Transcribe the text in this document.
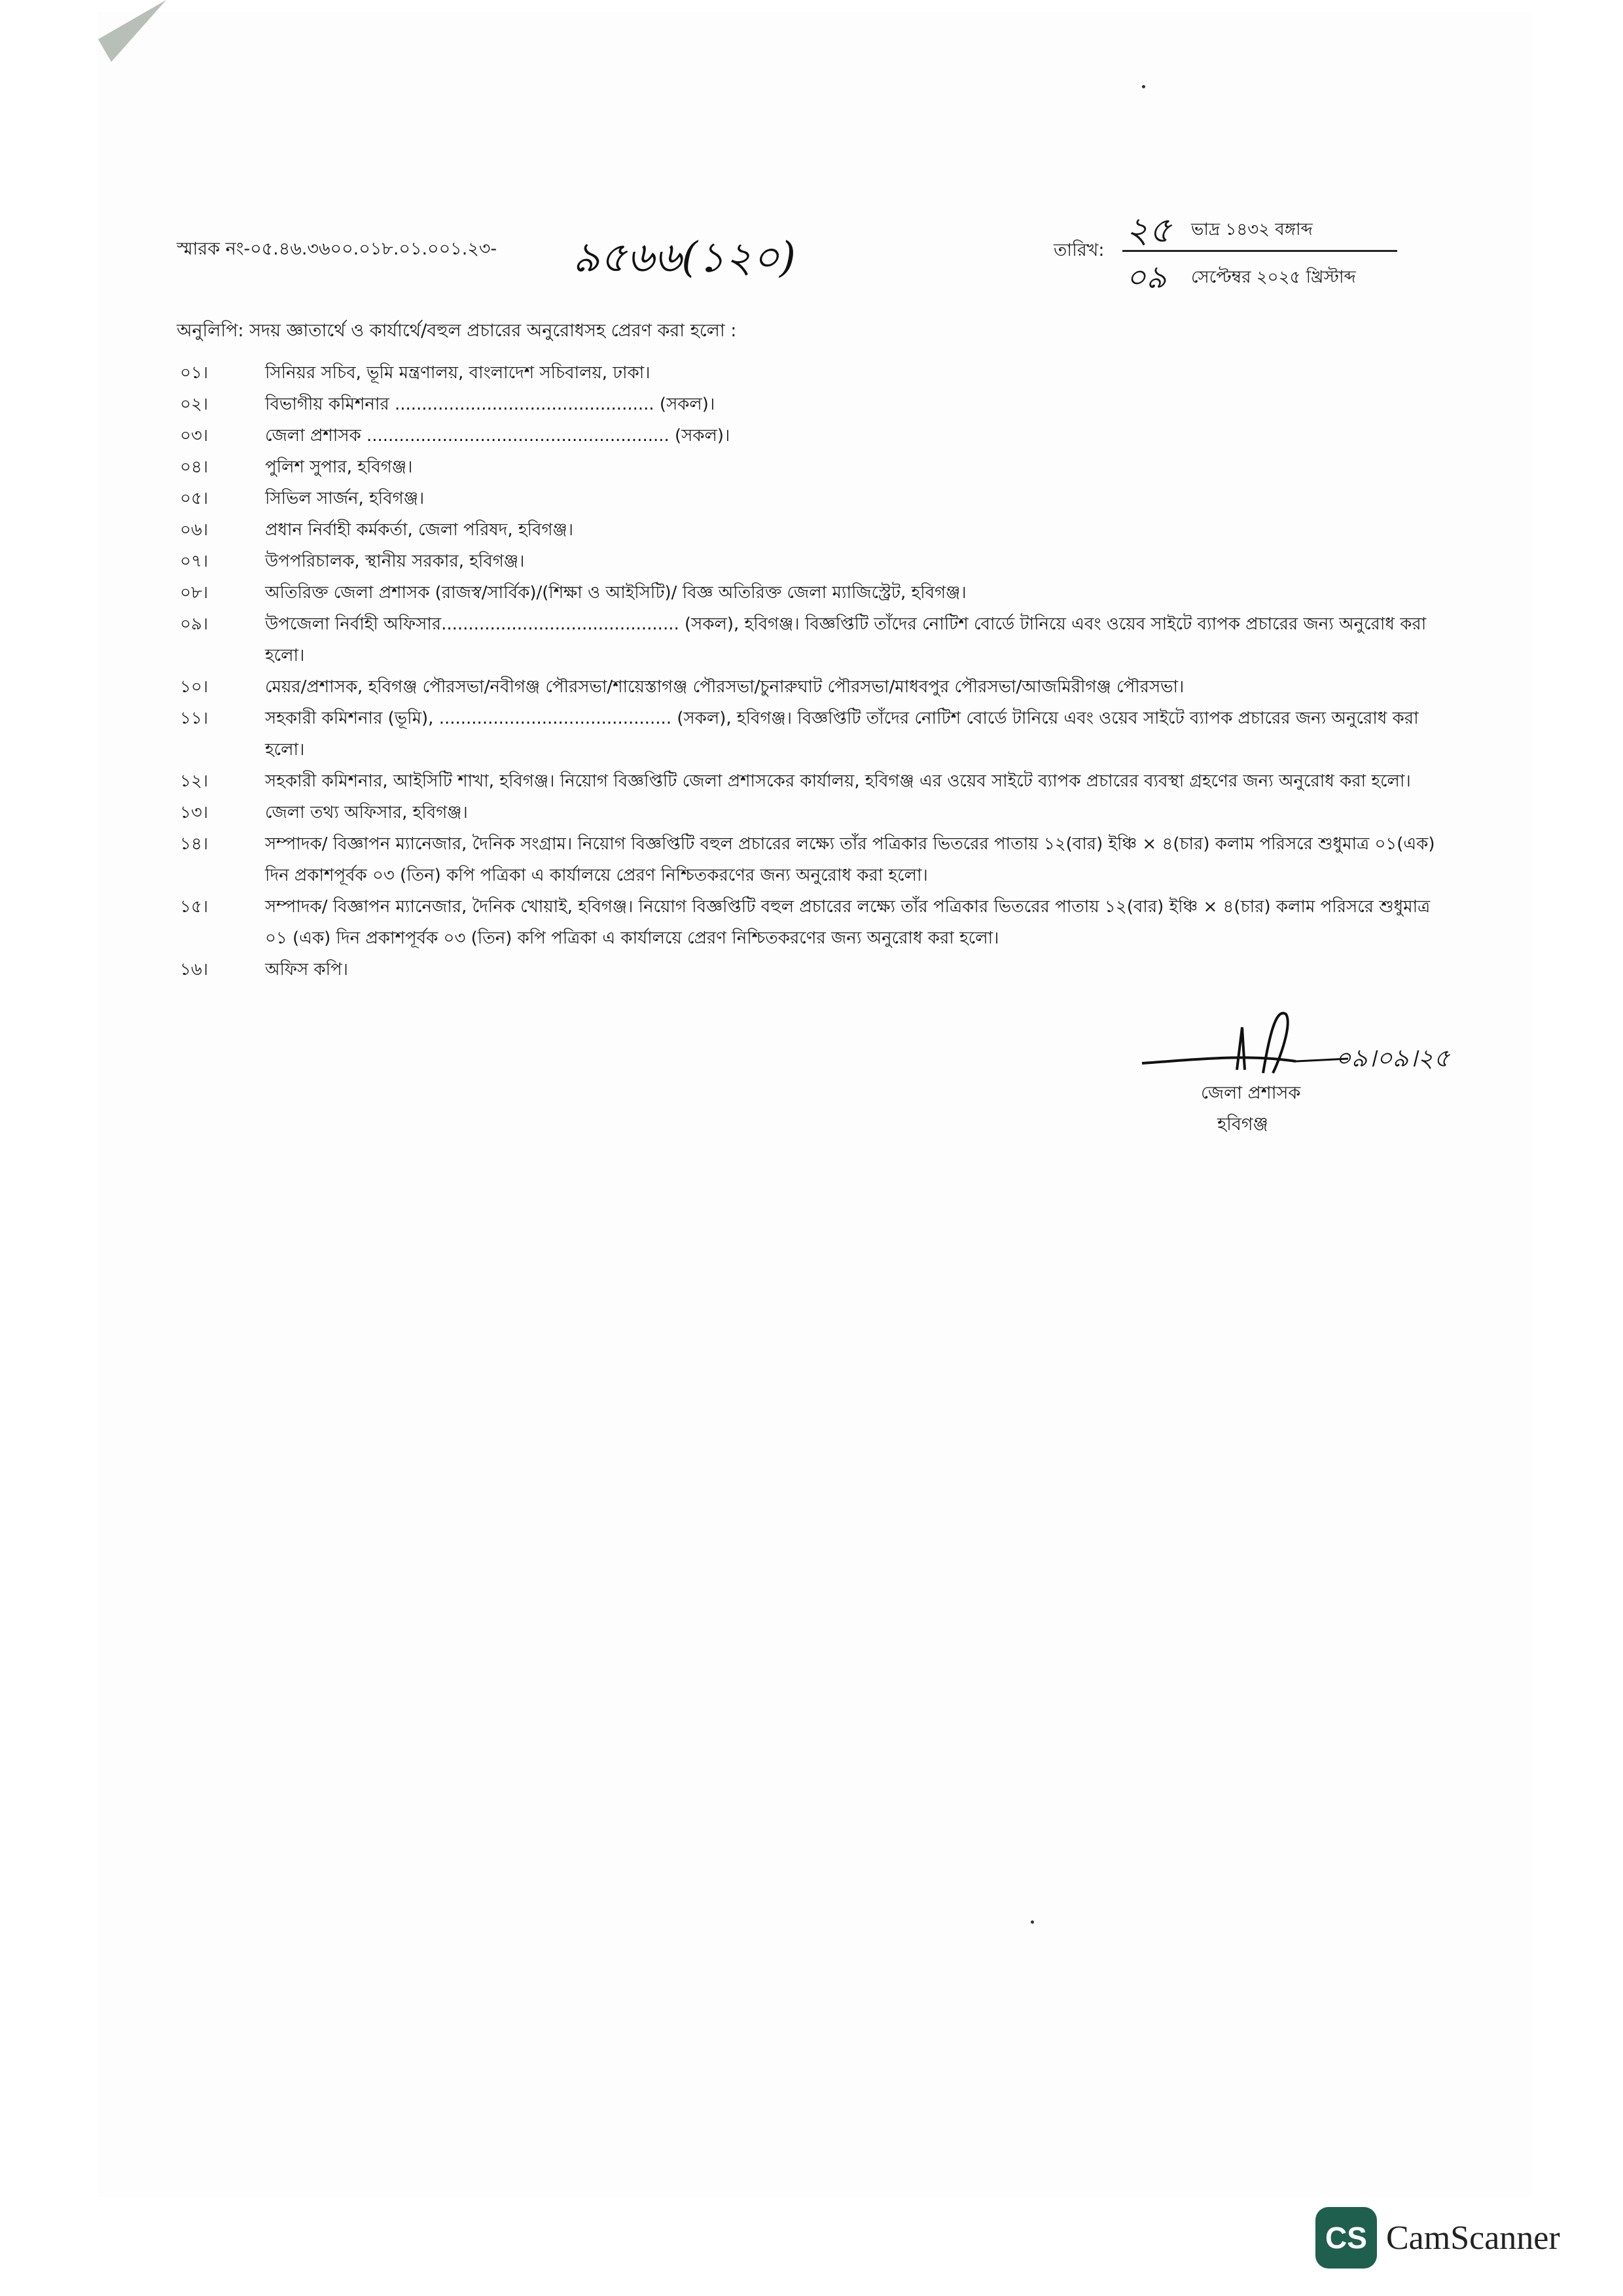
স্মারক নং-০৫.৪৬.৩৬০০.০১৮.০১.০০১.২৩- ৯৫৬৬(১২০)	তারিখ: ২৫ ভাদ্র ১৪৩২ বঙ্গাব্দ
০৯ সেপ্টেম্বর ২০২৫ খ্রিস্টাব্দ
অনুলিপি: সদয় জ্ঞাতার্থে ও কার্যার্থে/বহুল প্রচারের অনুরোধসহ প্রেরণ করা হলো :
০১।	সিনিয়র সচিব, ভূমি মন্ত্রণালয়, বাংলাদেশ সচিবালয়, ঢাকা।
০২।	বিভাগীয় কমিশনার ................................................ (সকল)।
০৩।	জেলা প্রশাসক ........................................................ (সকল)।
০৪।	পুলিশ সুপার, হবিগঞ্জ।
০৫।	সিভিল সার্জন, হবিগঞ্জ।
০৬।	প্রধান নির্বাহী কর্মকর্তা, জেলা পরিষদ, হবিগঞ্জ।
০৭।	উপপরিচালক, স্থানীয় সরকার, হবিগঞ্জ।
০৮।	অতিরিক্ত জেলা প্রশাসক (রাজস্ব/সার্বিক)/(শিক্ষা ও আইসিটি)/ বিজ্ঞ অতিরিক্ত জেলা ম্যাজিস্ট্রেট, হবিগঞ্জ।
০৯।	উপজেলা নির্বাহী অফিসার............................................ (সকল), হবিগঞ্জ। বিজ্ঞপ্তিটি তাঁদের নোটিশ বোর্ডে টানিয়ে এবং ওয়েব সাইটে ব্যাপক প্রচারের জন্য অনুরোধ করা হলো।
১০।	মেয়র/প্রশাসক, হবিগঞ্জ পৌরসভা/নবীগঞ্জ পৌরসভা/শায়েস্তাগঞ্জ পৌরসভা/চুনারুঘাট পৌরসভা/মাধবপুর পৌরসভা/আজমিরীগঞ্জ পৌরসভা।
১১।	সহকারী কমিশনার (ভূমি), ........................................... (সকল), হবিগঞ্জ। বিজ্ঞপ্তিটি তাঁদের নোটিশ বোর্ডে টানিয়ে এবং ওয়েব সাইটে ব্যাপক প্রচারের জন্য অনুরোধ করা হলো।
১২।	সহকারী কমিশনার, আইসিটি শাখা, হবিগঞ্জ। নিয়োগ বিজ্ঞপ্তিটি জেলা প্রশাসকের কার্যালয়, হবিগঞ্জ এর ওয়েব সাইটে ব্যাপক প্রচারের ব্যবস্থা গ্রহণের জন্য অনুরোধ করা হলো।
১৩।	জেলা তথ্য অফিসার, হবিগঞ্জ।
১৪।	সম্পাদক/ বিজ্ঞাপন ম্যানেজার, দৈনিক সংগ্রাম। নিয়োগ বিজ্ঞপ্তিটি বহুল প্রচারের লক্ষ্যে তাঁর পত্রিকার ভিতরের পাতায় ১২(বার) ইঞ্চি × ৪(চার) কলাম পরিসরে শুধুমাত্র ০১(এক) দিন প্রকাশপূর্বক ০৩ (তিন) কপি পত্রিকা এ কার্যালয়ে প্রেরণ নিশ্চিতকরণের জন্য অনুরোধ করা হলো।
১৫।	সম্পাদক/ বিজ্ঞাপন ম্যানেজার, দৈনিক খোয়াই, হবিগঞ্জ। নিয়োগ বিজ্ঞপ্তিটি বহুল প্রচারের লক্ষ্যে তাঁর পত্রিকার ভিতরের পাতায় ১২(বার) ইঞ্চি × ৪(চার) কলাম পরিসরে শুধুমাত্র ০১ (এক) দিন প্রকাশপূর্বক ০৩ (তিন) কপি পত্রিকা এ কার্যালয়ে প্রেরণ নিশ্চিতকরণের জন্য অনুরোধ করা হলো।
১৬।	অফিস কপি।
০৯।০৯।২৫
জেলা প্রশাসক
হবিগঞ্জ
CS CamScanner
